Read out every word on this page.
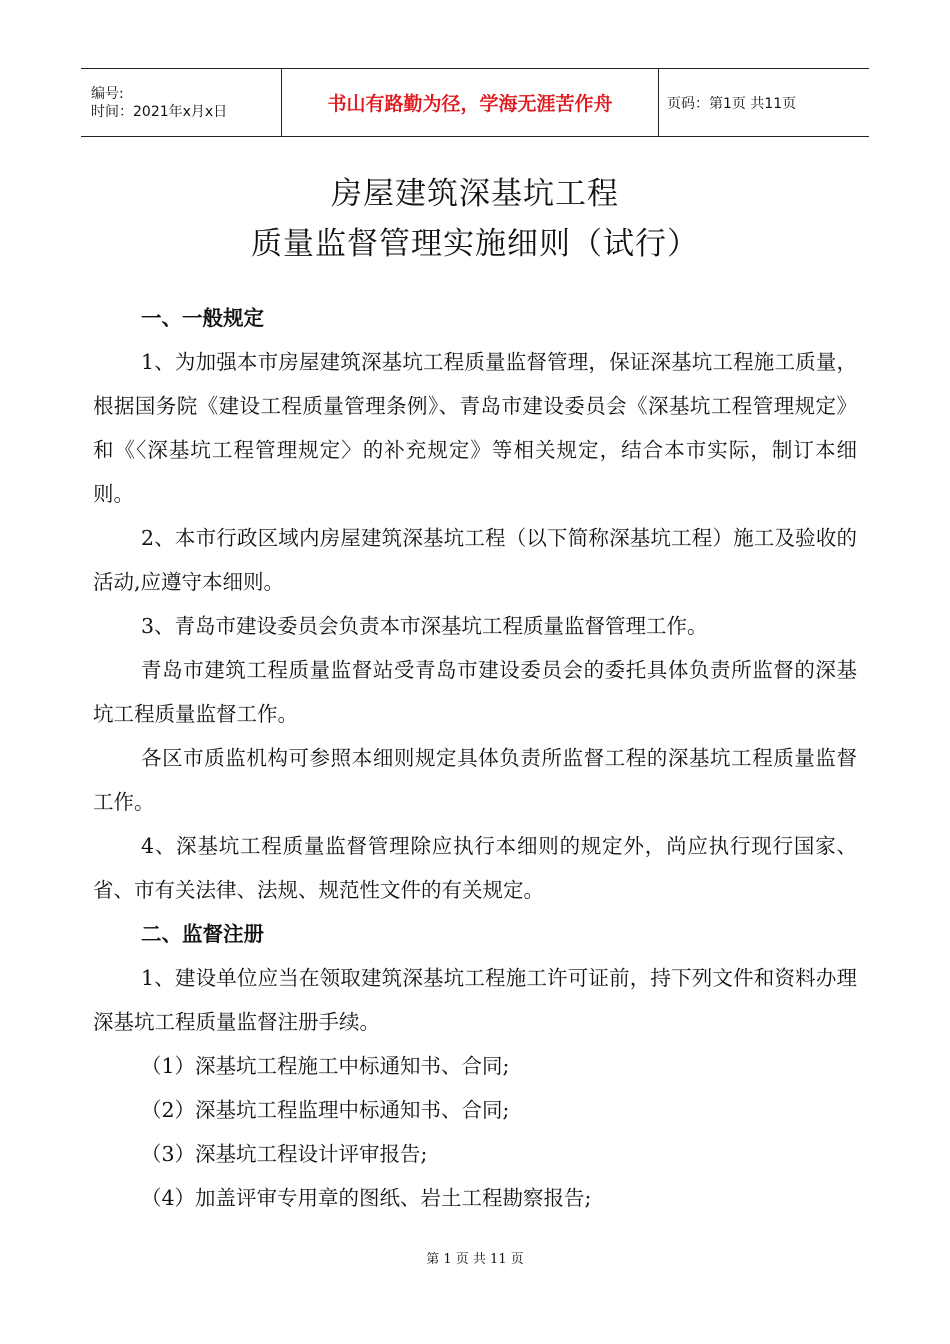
编号:
时间：2021年x月x日	书山有路勤为径，学海无涯苦作舟	页码：第1页 共11页
房屋建筑深基坑工程
质量监督管理实施细则（试行）

一、一般规定

1、为加强本市房屋建筑深基坑工程质量监督管理，保证深基坑工程施工质量，根据国务院《建设工程质量管理条例》、青岛市建设委员会《深基坑工程管理规定》和《〈深基坑工程管理规定〉的补充规定》等相关规定，结合本市实际，制订本细则。

2、本市行政区域内房屋建筑深基坑工程（以下简称深基坑工程）施工及验收的活动,应遵守本细则。

3、青岛市建设委员会负责本市深基坑工程质量监督管理工作。

青岛市建筑工程质量监督站受青岛市建设委员会的委托具体负责所监督的深基坑工程质量监督工作。

各区市质监机构可参照本细则规定具体负责所监督工程的深基坑工程质量监督工作。

4、深基坑工程质量监督管理除应执行本细则的规定外，尚应执行现行国家、省、市有关法律、法规、规范性文件的有关规定。

二、监督注册

1、建设单位应当在领取建筑深基坑工程施工许可证前，持下列文件和资料办理深基坑工程质量监督注册手续。

（1）深基坑工程施工中标通知书、合同;

（2）深基坑工程监理中标通知书、合同;

（3）深基坑工程设计评审报告;

（4）加盖评审专用章的图纸、岩土工程勘察报告;

第 1 页 共 11 页
